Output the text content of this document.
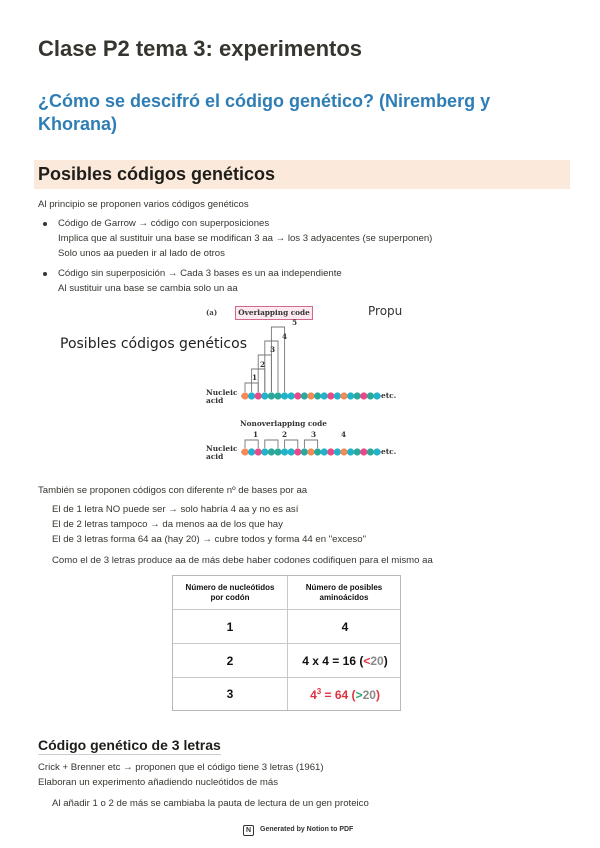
Clase P2 tema 3: experimentos
¿Cómo se descifró el código genético? (Niremberg y Khorana)
Posibles códigos genéticos
Al principio se proponen varios códigos genéticos
Código de Garrow → código con superposiciones
Implica que al sustituir una base se modifican 3 aa → los 3 adyacentes (se superponen)
Solo unos aa pueden ir al lado de otros
Código sin superposición → Cada 3 bases es un aa independiente
Al sustituir una base se cambia solo un aa
(a)	Overlapping code	Propu
Posibles códigos genéticos
Nucleic acid
etc.
Nonoverlapping code
Nucleic acid
etc.
1
2
3
4
5
1	2	3	4
También se proponen códigos con diferente nº de bases por aa
El de 1 letra NO puede ser → solo habría 4 aa y no es así
El de 2 letras tampoco → da menos aa de los que hay
El de 3 letras forma 64 aa (hay 20) → cubre todos y forma 44 en "exceso"
Como el de 3 letras produce aa de más debe haber codones codifiquen para el mismo aa
Número de nucleótidos por codón
Número de posibles aminoácidos
1	4
2	4 x 4 = 16 (<20)
3	$4^3 = 64$ (>20)
Código genético de 3 letras
Crick + Brenner etc → proponen que el código tiene 3 letras (1961)
Elaboran un experimento añadiendo nucleótidos de más
Al añadir 1 o 2 de más se cambiaba la pauta de lectura de un gen proteico
N	Generated by Notion to PDF
